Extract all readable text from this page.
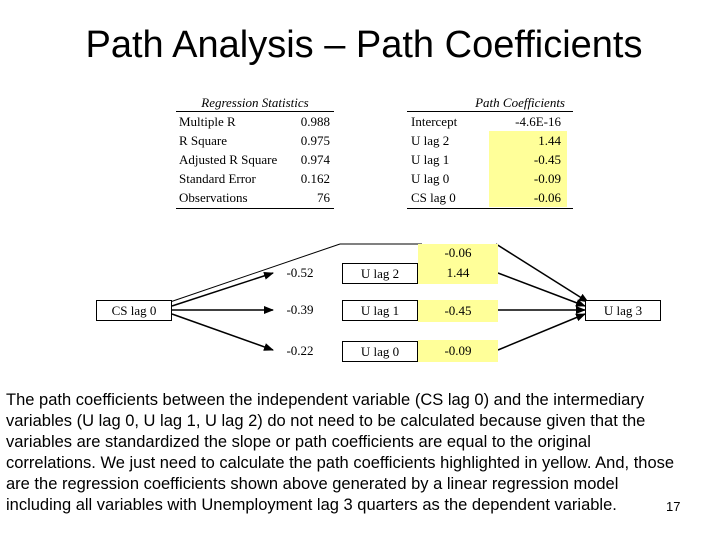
Path Analysis – Path Coefficients
Regression Statistics
Multiple R	0.988
R Square	0.975
Adjusted R Square 0.974
Standard Error	0.162
Observations	76
Path Coefficients
Intercept	-4.6E-16
U lag 2	1.44
U lag 1	-0.45
U lag 0	-0.09
CS lag 0	-0.06
CS lag 0	U lag 3
-0.06
1.44
-0.45
-0.09
U lag 2
U lag 1
U lag 0
-0.52
-0.39
-0.22
The path coefficients between the independent variable (CS lag 0) and the intermediary variables (U lag 0, U lag 1, U lag 2) do not need to be calculated because given that the variables are standardized the slope or path coefficients are equal to the original correlations. We just need to calculate the path coefficients highlighted in yellow. And, those are the regression coefficients shown above generated by a linear regression model including all variables with Unemployment lag 3 quarters as the dependent variable.	17
